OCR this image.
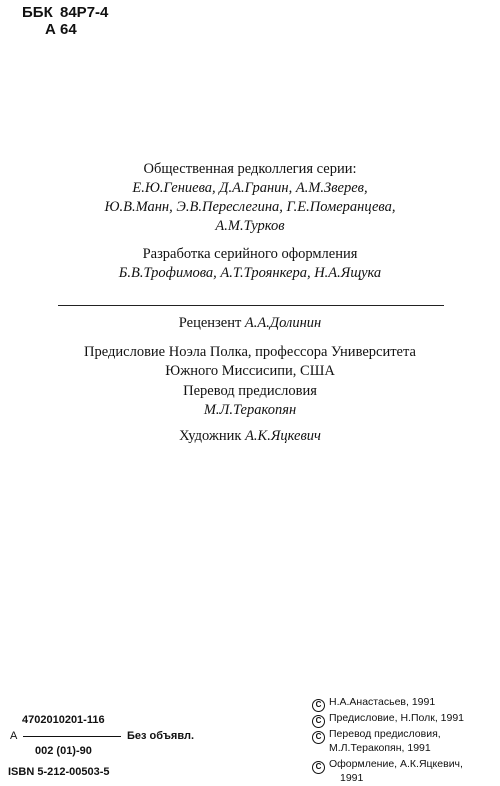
ББК 84Р7-4
А 64
Общественная редколлегия серии:
Е.Ю.Гениева, Д.А.Гранин, А.М.Зверев,
Ю.В.Манн, Э.В.Переслегина, Г.Е.Померанцева,
А.М.Турков
Разработка серийного оформления
Б.В.Трофимова, А.Т.Троянкера, Н.А.Ящука
Рецензент А.А.Долинин
Предисловие Ноэла Полка, профессора Университета
Южного Миссисипи, США
Перевод предисловия
М.Л.Теракопян
Художник А.К.Яцкевич
4702010201-116
А	Без объявл.
002 (01)-90
ISBN 5-212-00503-5
C Н.А.Анастасьев, 1991
C Предисловие, Н.Полк, 1991
C Перевод предисловия,
М.Л.Теракопян, 1991
C Оформление, А.К.Яцкевич,
1991
